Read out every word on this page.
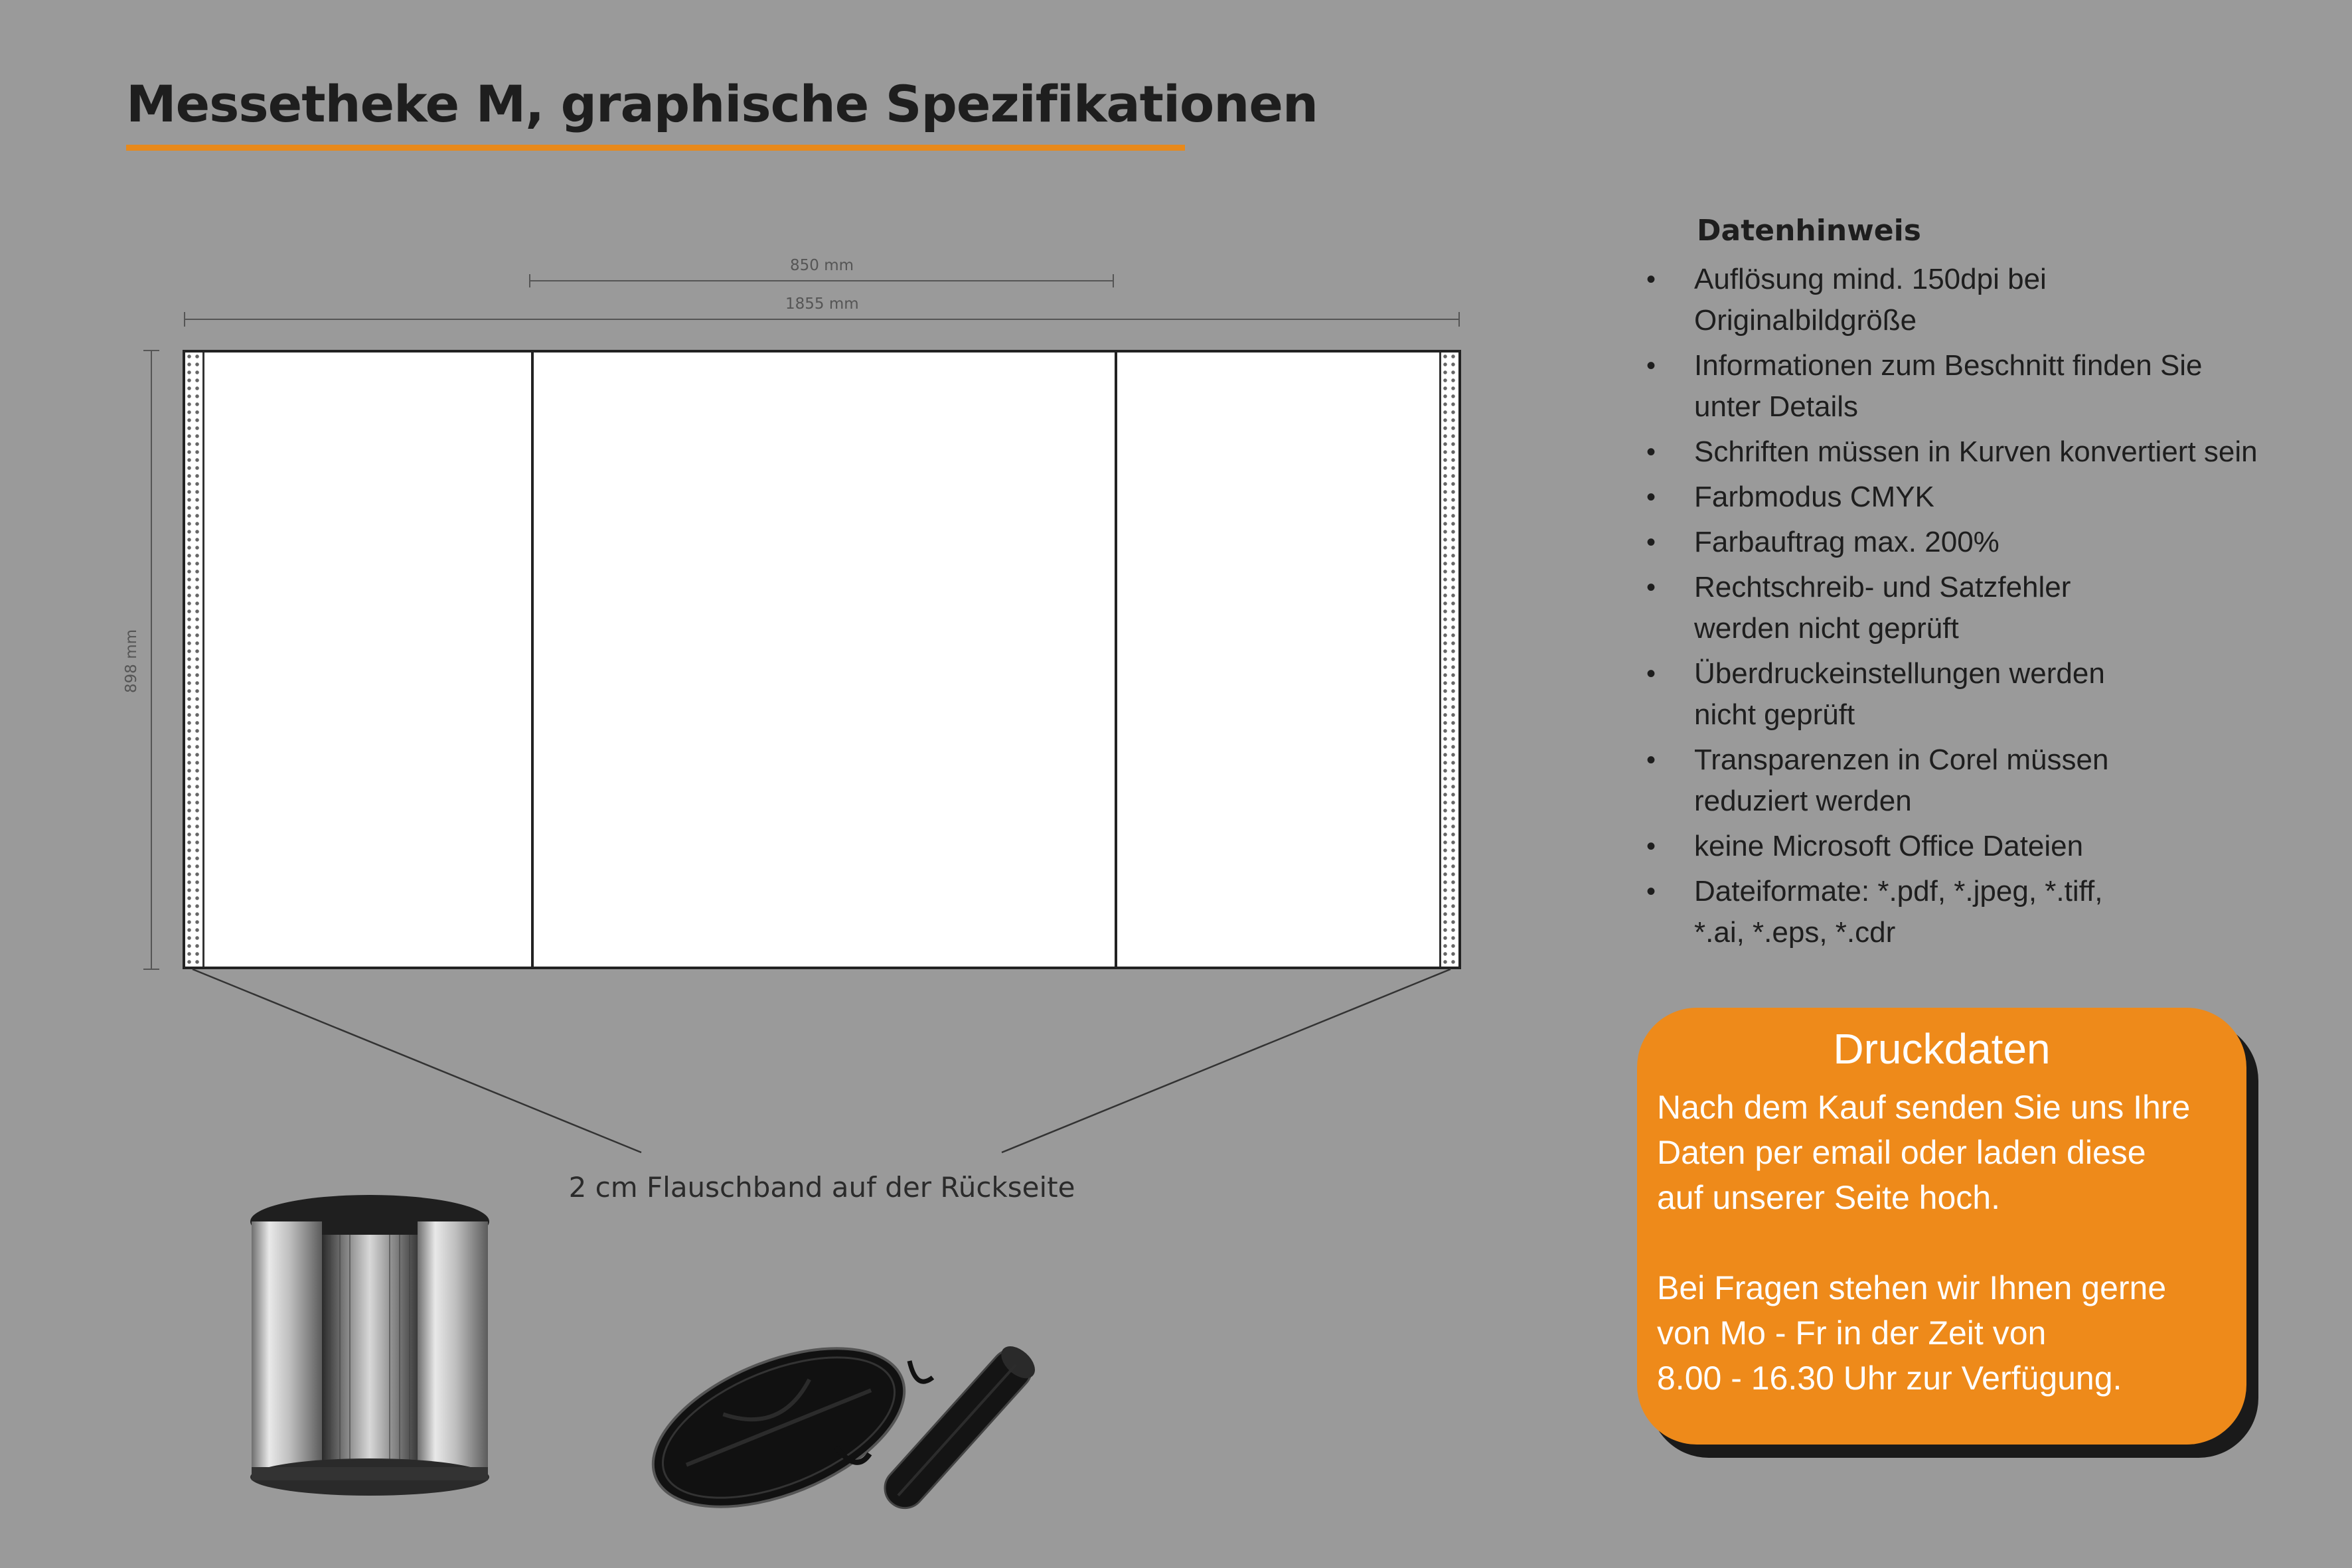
Messetheke M, graphische Spezifikationen
850 mm
1855 mm
898 mm
2 cm Flauschband auf der Rückseite
Datenhinweis
• Auflösung mind. 150dpi bei
Originalbildgröße
• Informationen zum Beschnitt finden Sie
unter Details
• Schriften müssen in Kurven konvertiert sein
• Farbmodus CMYK
• Farbauftrag max. 200%
• Rechtschreib- und Satzfehler
werden nicht geprüft
• Überdruckeinstellungen werden
nicht geprüft
• Transparenzen in Corel müssen
reduziert werden
• keine Microsoft Office Dateien
• Dateiformate: *.pdf, *.jpeg, *.tiff,
*.ai, *.eps, *.cdr
Druckdaten

Nach dem Kauf senden Sie uns Ihre
Daten per email oder laden diese
auf unserer Seite hoch.

Bei Fragen stehen wir Ihnen gerne
von Mo - Fr in der Zeit von
8.00 - 16.30 Uhr zur Verfügung.
